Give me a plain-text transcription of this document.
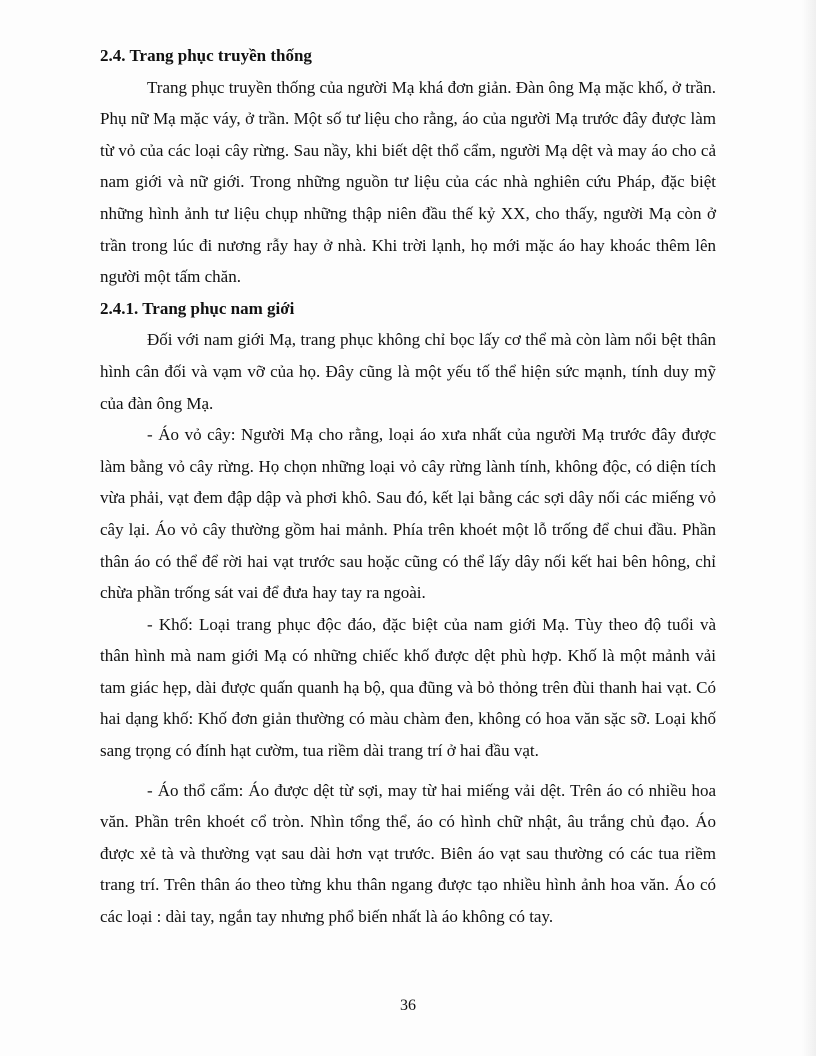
2.4. Trang phục truyền thống

Trang phục truyền thống của người Mạ khá đơn giản. Đàn ông Mạ mặc khố, ở trần. Phụ nữ Mạ mặc váy, ở trần. Một số tư liệu cho rằng, áo của người Mạ trước đây được làm từ vỏ của các loại cây rừng. Sau nầy, khi biết dệt thổ cẩm, người Mạ dệt và may áo cho cả nam giới và nữ giới. Trong những nguồn tư liệu của các nhà nghiên cứu Pháp, đặc biệt những hình ảnh tư liệu chụp những thập niên đầu thế kỷ XX, cho thấy, người Mạ còn ở trần trong lúc đi nương rẫy hay ở nhà. Khi trời lạnh, họ mới mặc áo hay khoác thêm lên người một tấm chăn.

2.4.1. Trang phục nam giới

Đối với nam giới Mạ, trang phục không chỉ bọc lấy cơ thể mà còn làm nổi bệt thân hình cân đối và vạm vỡ của họ. Đây cũng là một yếu tố thể hiện sức mạnh, tính duy mỹ của đàn ông Mạ.

- Áo vỏ cây: Người Mạ cho rằng, loại áo xưa nhất của người Mạ trước đây được làm bằng vỏ cây rừng. Họ chọn những loại vỏ cây rừng lành tính, không độc, có diện tích vừa phải, vạt đem đập dập và phơi khô. Sau đó, kết lại bằng các sợi dây nối các miếng vỏ cây lại. Áo vỏ cây thường gồm hai mảnh. Phía trên khoét một lỗ trống để chui đầu. Phần thân áo có thể để rời hai vạt trước sau hoặc cũng có thể lấy dây nối kết hai bên hông, chỉ chừa phần trống sát vai để đưa hay tay ra ngoài.

- Khố: Loại trang phục độc đáo, đặc biệt của nam giới Mạ. Tùy theo độ tuổi và thân hình mà nam giới Mạ có những chiếc khố được dệt phù hợp. Khố là một mảnh vải tam giác hẹp, dài được quấn quanh hạ bộ, qua đũng và bỏ thỏng trên đùi thanh hai vạt. Có hai dạng khố: Khố đơn giản thường có màu chàm đen, không có hoa văn sặc sỡ. Loại khố sang trọng có đính hạt cườm, tua riềm dài trang trí ở hai đầu vạt.

- Áo thổ cẩm: Áo được dệt từ sợi, may từ hai miếng vải dệt. Trên áo có nhiều hoa văn. Phần trên khoét cổ tròn. Nhìn tổng thể, áo có hình chữ nhật, âu trắng chủ đạo. Áo được xẻ tà và thường vạt sau dài hơn vạt trước. Biên áo vạt sau thường có các tua riềm trang trí. Trên thân áo theo từng khu thân ngang được tạo nhiều hình ảnh hoa văn. Áo có các loại : dài tay, ngắn tay nhưng phổ biến nhất là áo không có tay.

36
